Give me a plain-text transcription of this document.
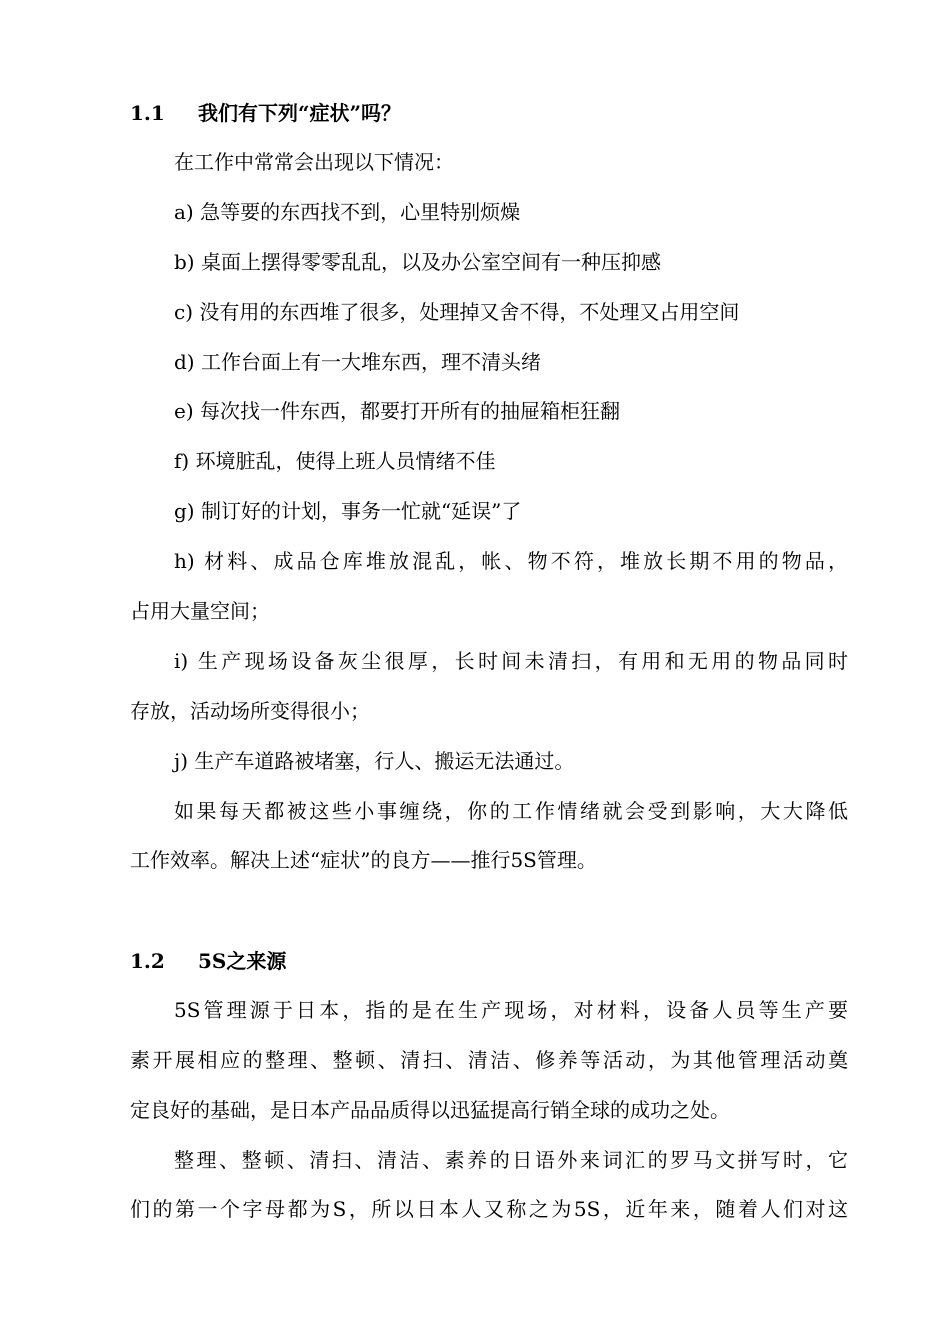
1.1 我们有下列“症状”吗？
在工作中常常会出现以下情况：
a) 急等要的东西找不到，心里特别烦燥
b) 桌面上摆得零零乱乱，以及办公室空间有一种压抑感
c) 没有用的东西堆了很多，处理掉又舍不得，不处理又占用空间
d) 工作台面上有一大堆东西，理不清头绪
e) 每次找一件东西，都要打开所有的抽屉箱柜狂翻
f) 环境脏乱，使得上班人员情绪不佳
g) 制订好的计划，事务一忙就“延误”了
h) 材料、成品仓库堆放混乱，帐、物不符，堆放长期不用的物品，
占用大量空间；
i) 生产现场设备灰尘很厚，长时间未清扫，有用和无用的物品同时
存放，活动场所变得很小；
j) 生产车道路被堵塞，行人、搬运无法通过。
如果每天都被这些小事缠绕，你的工作情绪就会受到影响，大大降低
工作效率。解决上述“症状”的良方——推行5S管理。
1.2 5S之来源
5S管理源于日本，指的是在生产现场，对材料，设备人员等生产要
素开展相应的整理、整顿、清扫、清洁、修养等活动，为其他管理活动奠
定良好的基础，是日本产品品质得以迅猛提高行销全球的成功之处。
整理、整顿、清扫、清洁、素养的日语外来词汇的罗马文拼写时，它
们的第一个字母都为S，所以日本人又称之为5S，近年来，随着人们对这
